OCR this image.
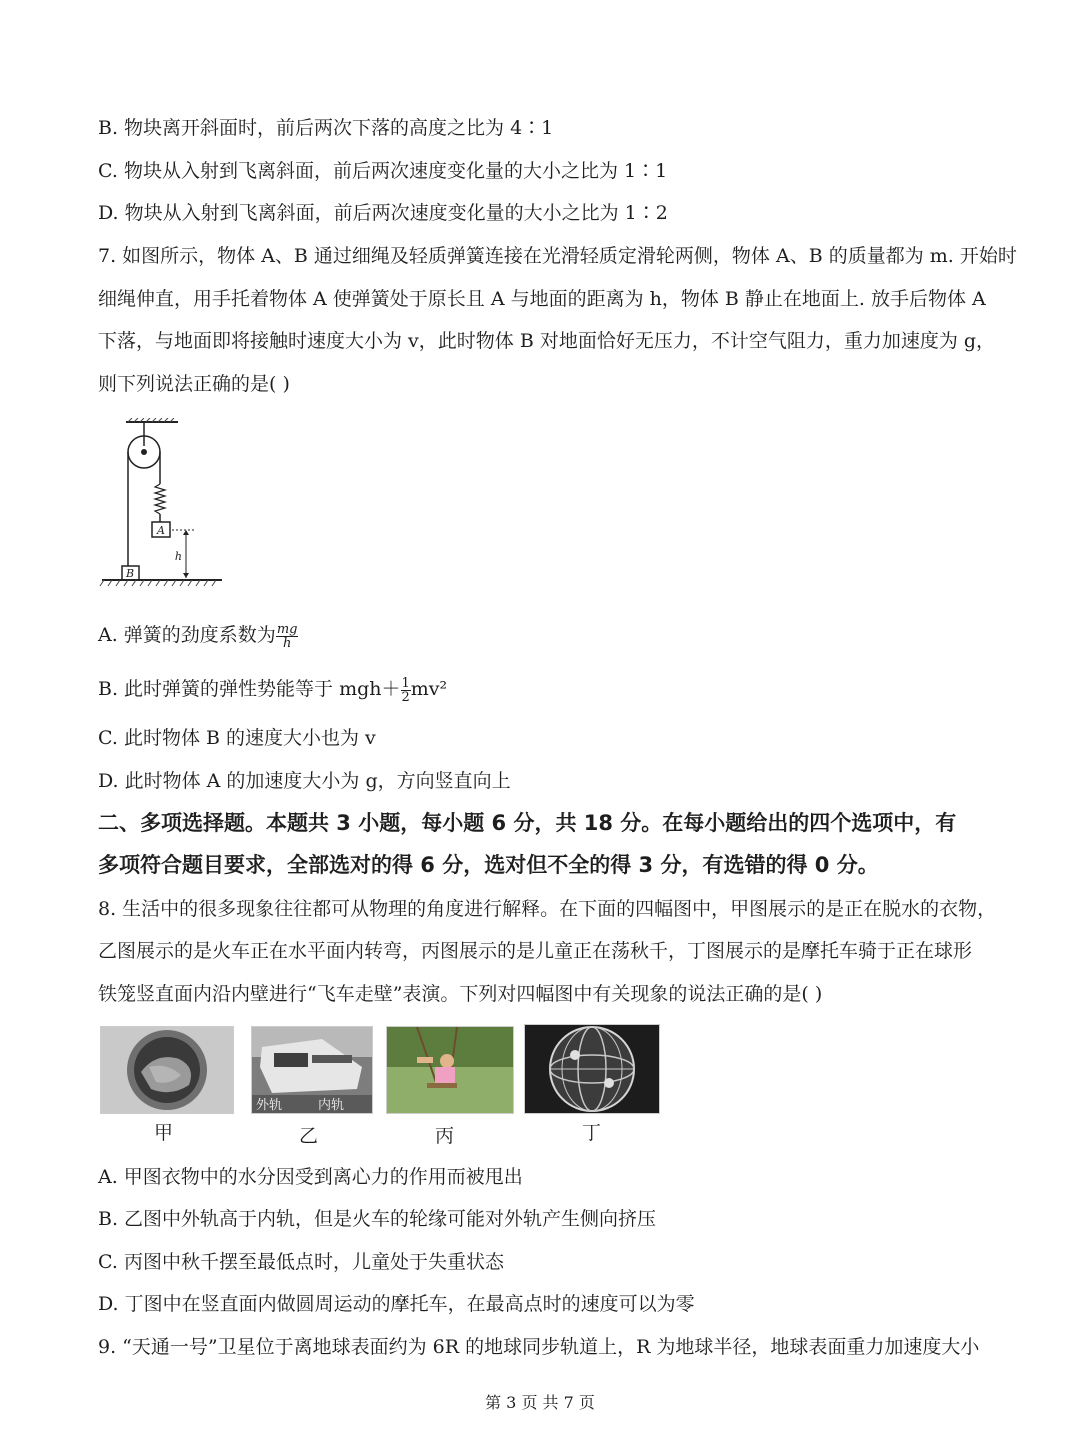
B. 物块离开斜面时，前后两次下落的高度之比为 4∶1
C. 物块从入射到飞离斜面，前后两次速度变化量的大小之比为 1∶1
D. 物块从入射到飞离斜面，前后两次速度变化量的大小之比为 1∶2
7. 如图所示，物体 A、B 通过细绳及轻质弹簧连接在光滑轻质定滑轮两侧，物体 A、B 的质量都为 m. 开始时
细绳伸直，用手托着物体 A 使弹簧处于原长且 A 与地面的距离为 h，物体 B 静止在地面上. 放手后物体 A
下落，与地面即将接触时速度大小为 v，此时物体 B 对地面恰好无压力，不计空气阻力，重力加速度为 g，
则下列说法正确的是( )
A
h
B
A. 弹簧的劲度系数为 $\frac{mg}{h}$
B. 此时弹簧的弹性势能等于 $mgh+ \frac{1}{2} mv^2$
C. 此时物体 B 的速度大小也为 v
D. 此时物体 A 的加速度大小为 g，方向竖直向上
二、多项选择题。本题共 3 小题，每小题 6 分，共 18 分。在每小题给出的四个选项中，有
多项符合题目要求，全部选对的得 6 分，选对但不全的得 3 分，有选错的得 0 分。
8. 生活中的很多现象往往都可从物理的角度进行解释。在下面的四幅图中，甲图展示的是正在脱水的衣物，
乙图展示的是火车正在水平面内转弯，丙图展示的是儿童正在荡秋千，丁图展示的是摩托车骑于正在球形
铁笼竖直面内沿内壁进行“飞车走壁”表演。下列对四幅图中有关现象的说法正确的是( )
外轨	内轨
甲	乙	丙	丁
A. 甲图衣物中的水分因受到离心力的作用而被甩出
B. 乙图中外轨高于内轨，但是火车的轮缘可能对外轨产生侧向挤压
C. 丙图中秋千摆至最低点时，儿童处于失重状态
D. 丁图中在竖直面内做圆周运动的摩托车，在最高点时的速度可以为零
9. “天通一号”卫星位于离地球表面约为 6R 的地球同步轨道上，R 为地球半径，地球表面重力加速度大小
第 3 页 共 7 页
